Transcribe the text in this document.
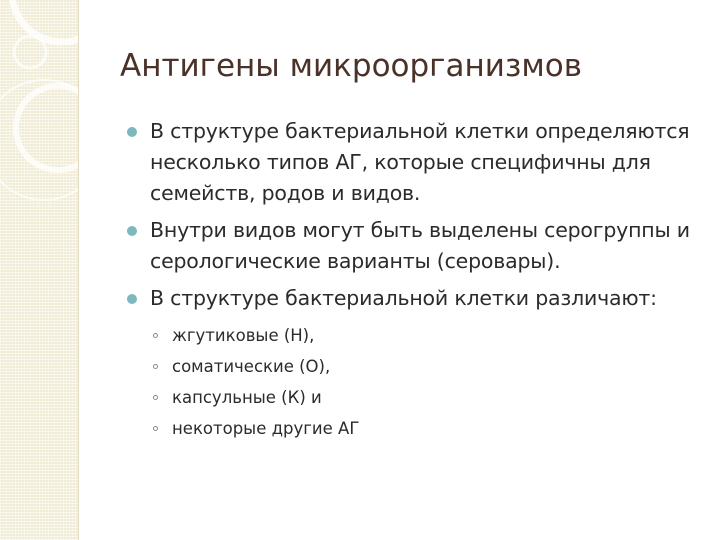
Антигены микроорганизмов
В структуре бактериальной клетки определяются несколько типов АГ, которые специфичны для семейств, родов и видов.
Внутри видов могут быть выделены серогруппы и серологические варианты (серовары).
В структуре бактериальной клетки различают:
жгутиковые (Н),
соматические (О),
капсульные (К) и
некоторые другие АГ
